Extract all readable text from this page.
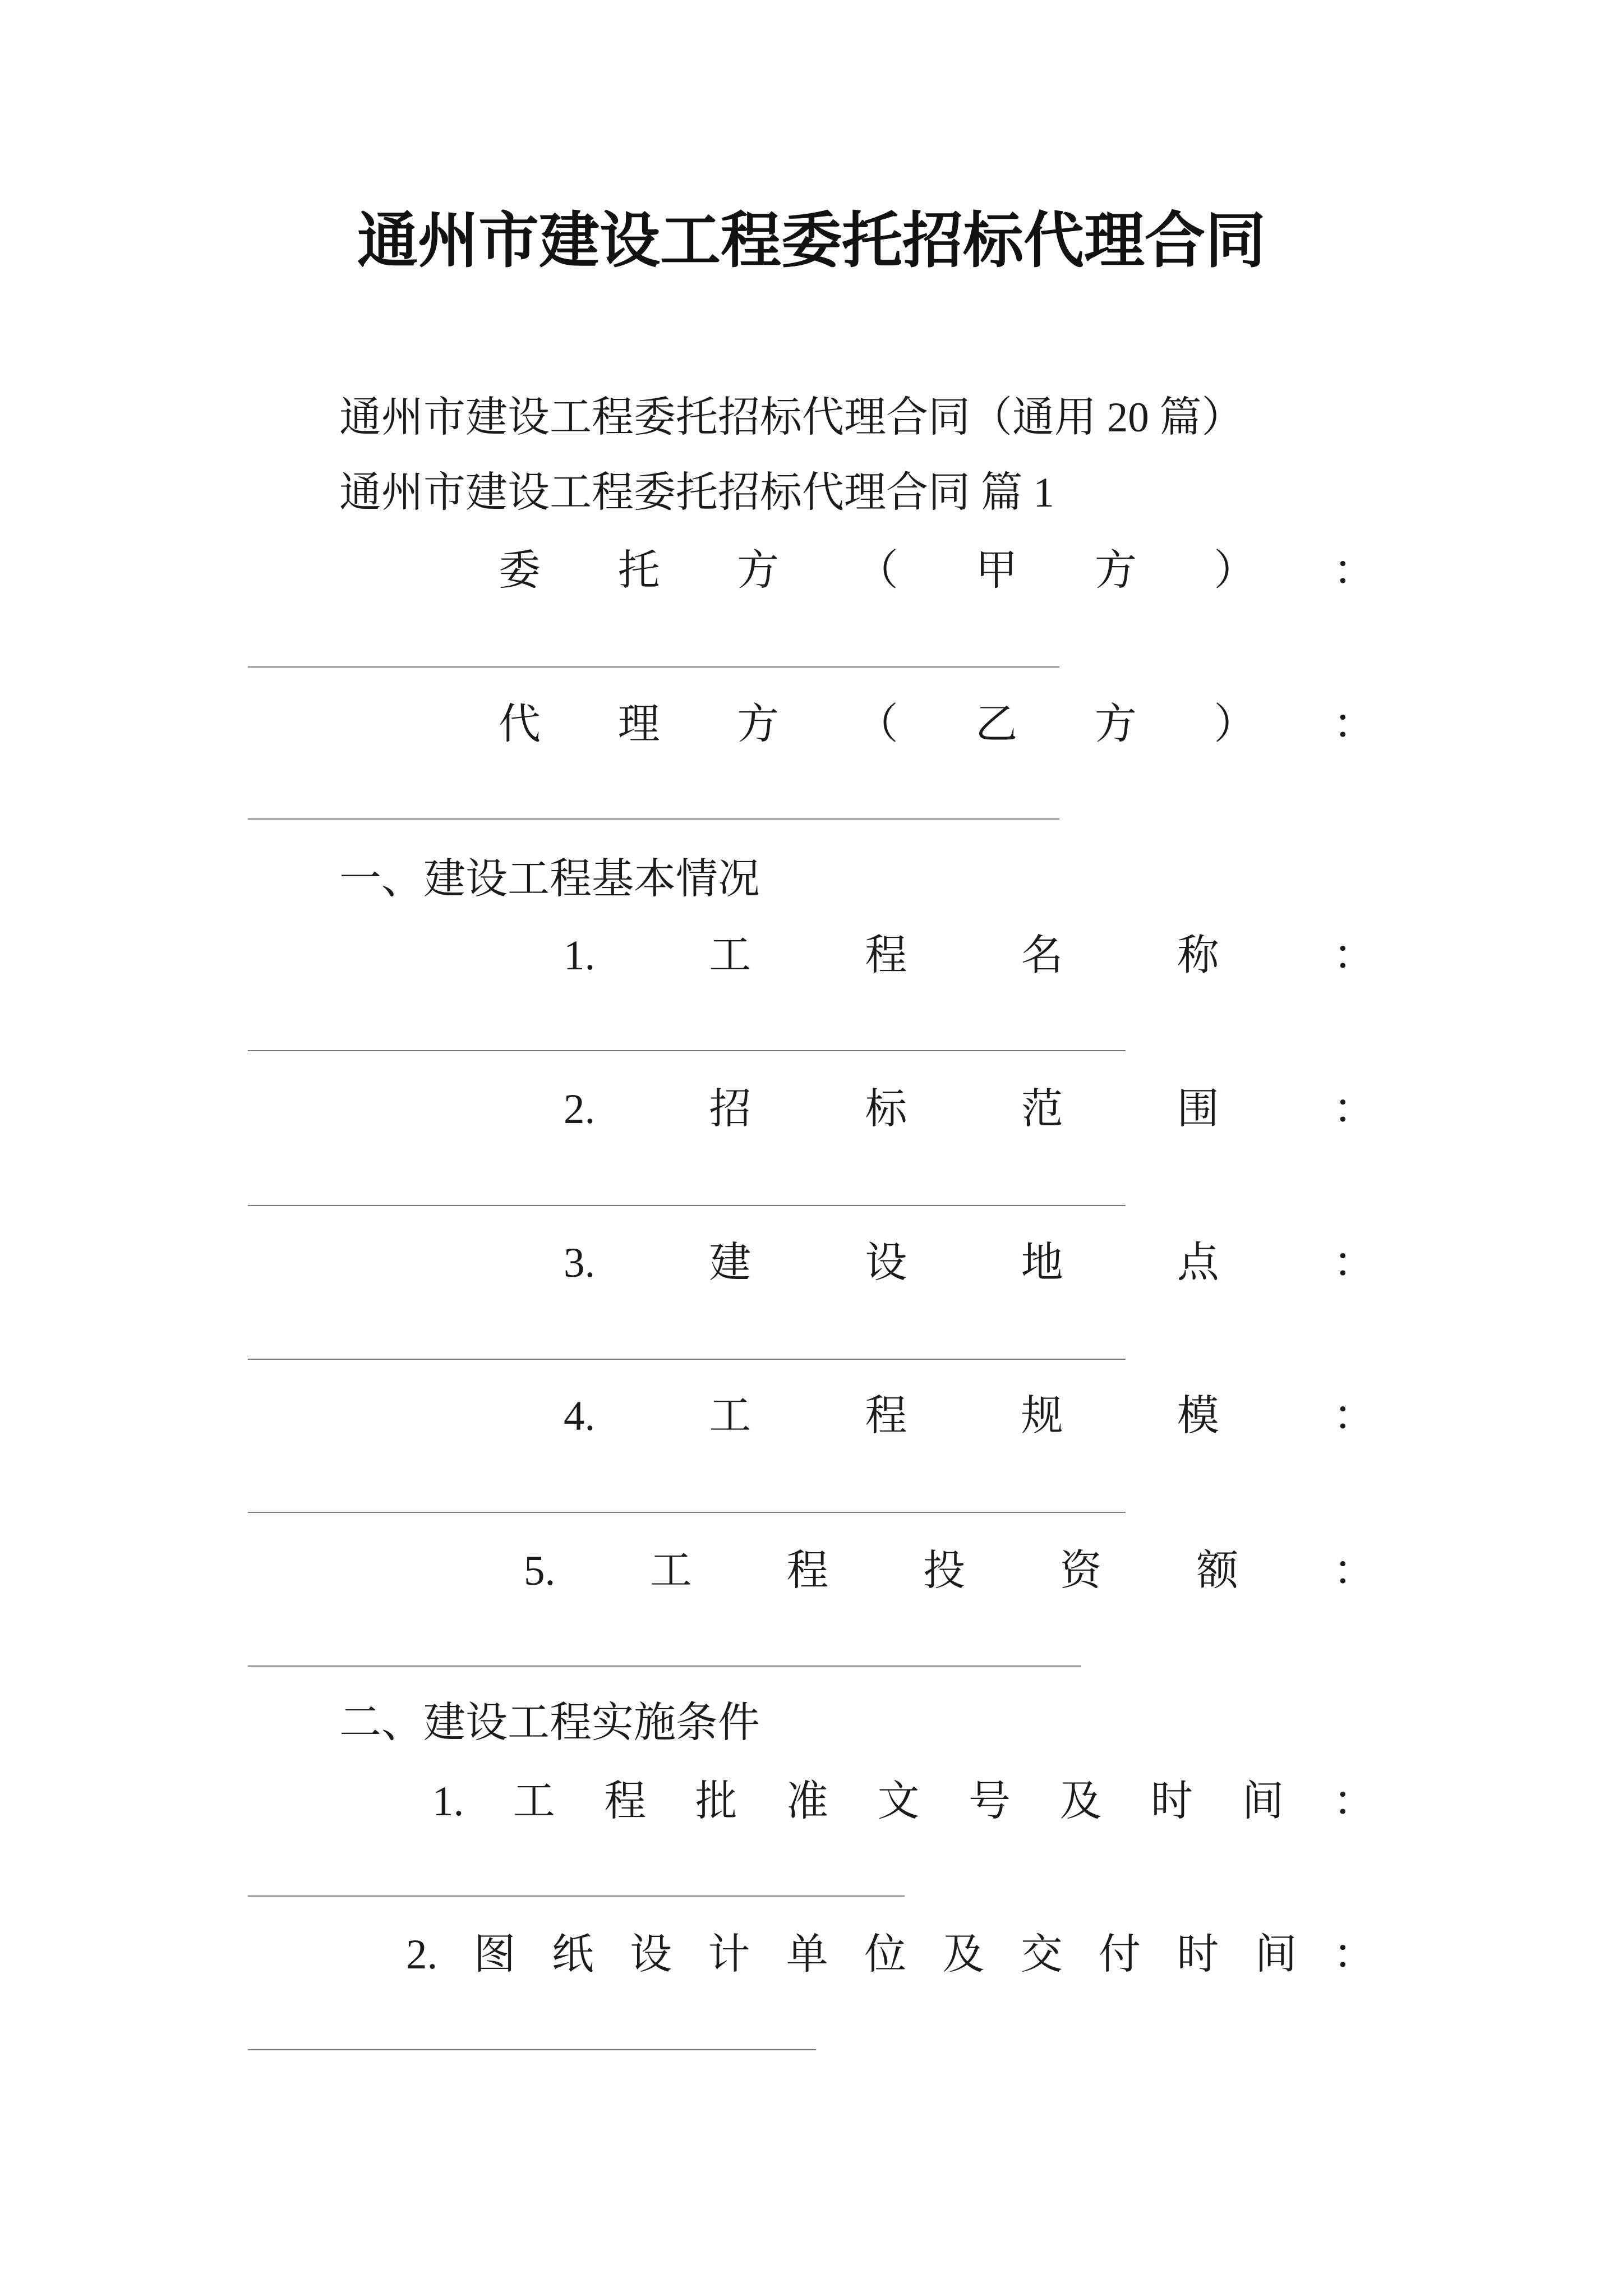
通州市建设工程委托招标代理合同
通州市建设工程委托招标代理合同（通用 20 篇）
通州市建设工程委托招标代理合同 篇 1
委 托 方 （ 甲 方 ） ：
代 理 方 （ 乙 方 ） ：
一、建设工程基本情况
1.	工	程	名	称	：
2.	招	标	范	围	：
3.	建	设	地	点	：
4.	工	程	规	模	：
5. 工 程 投 资 额 ：
二、建设工程实施条件
1. 工 程 批 准 文 号 及 时 间 ：
2. 图 纸 设 计 单 位 及 交 付 时 间 ：
